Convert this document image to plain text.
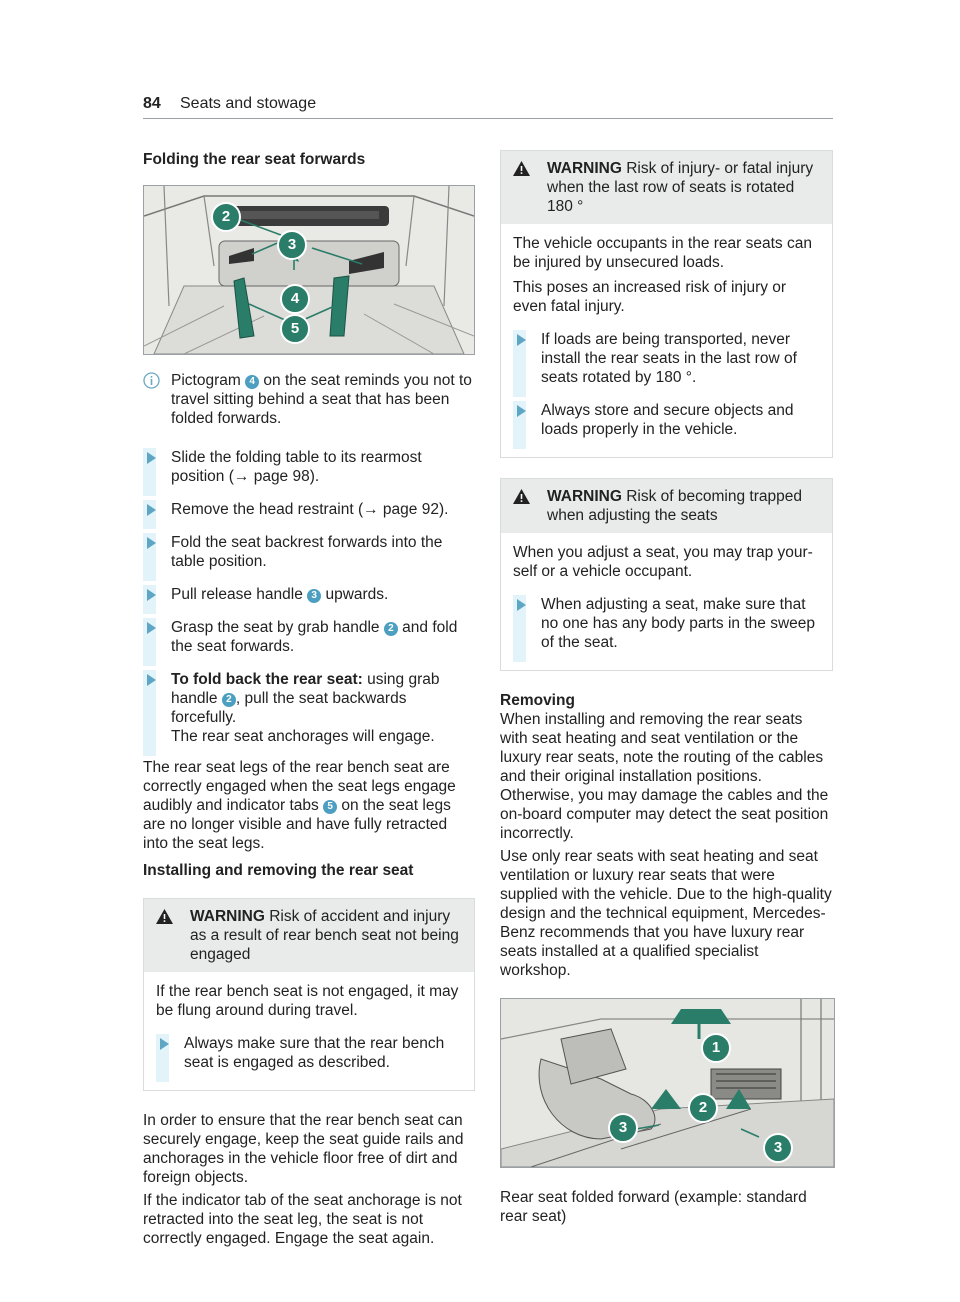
84 Seats and stowage
Folding the rear seat forwards
2
3
4
5
Pictogram 4 on the seat reminds you not to travel sitting behind a seat that has been folded forwards.
Slide the folding table to its rearmost position (→ page 98).
Remove the head restraint (→ page 92).
Fold the seat backrest forwards into the table position.
Pull release handle 3 upwards.
Grasp the seat by grab handle 2 and fold the seat forwards.
To fold back the rear seat: using grab handle 2 , pull the seat backwards forcefully.
The rear seat anchorages will engage.

The rear seat legs of the rear bench seat are correctly engaged when the seat legs engage audibly and indicator tabs 5 on the seat legs are no longer visible and have fully retracted into the seat legs.

Installing and removing the rear seat
WARNING Risk of accident and injury as a result of rear bench seat not being engaged

If the rear bench seat is not engaged, it may be flung around during travel.

Always make sure that the rear bench seat is engaged as described.

In order to ensure that the rear bench seat can securely engage, keep the seat guide rails and anchorages in the vehicle floor free of dirt and foreign objects.

If the indicator tab of the seat anchorage is not retracted into the seat leg, the seat is not correctly engaged. Engage the seat again.

WARNING Risk of injury- or fatal injury when the last row of seats is rotated 180 °

The vehicle occupants in the rear seats can be injured by unsecured loads.

This poses an increased risk of injury or even fatal injury.

If loads are being transported, never install the rear seats in the last row of seats rotated by 180 °.
Always store and secure objects and loads properly in the vehicle.
WARNING Risk of becoming trapped when adjusting the seats

When you adjust a seat, you may trap your-self or a vehicle occupant.

When adjusting a seat, make sure that no one has any body parts in the sweep of the seat.
Removing

When installing and removing the rear seats with seat heating and seat ventilation or the luxury rear seats, note the routing of the cables and their original installation positions. Otherwise, you may damage the cables and the on-board computer may detect the seat position incorrectly.

Use only rear seats with seat heating and seat ventilation or luxury rear seats that were supplied with the vehicle. Due to the high-quality design and the technical equipment, Mercedes-Benz recommends that you have luxury rear seats installed at a qualified specialist workshop.

1
2
3
3

Rear seat folded forward (example: standard rear seat)
